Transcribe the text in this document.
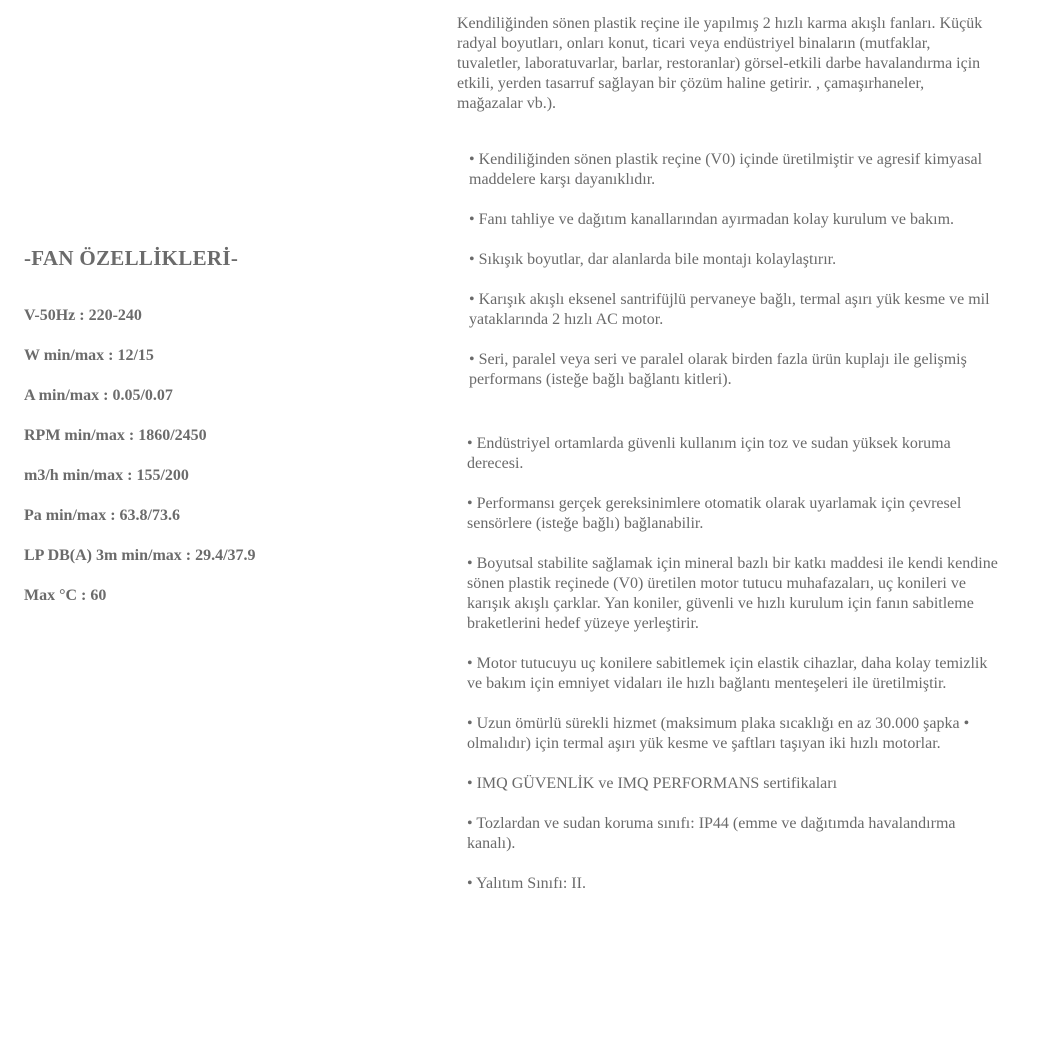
-FAN ÖZELLİKLERİ-
V-50Hz : 220-240
W min/max : 12/15
A min/max : 0.05/0.07
RPM min/max : 1860/2450
m3/h min/max : 155/200
Pa min/max : 63.8/73.6
LP DB(A) 3m min/max : 29.4/37.9
Max °C : 60

Kendiliğinden sönen plastik reçine ile yapılmış 2 hızlı karma akışlı fanları. Küçük radyal boyutları, onları konut, ticari veya endüstriyel binaların (mutfaklar, tuvaletler, laboratuvarlar, barlar, restoranlar) görsel-etkili darbe havalandırma için etkili, yerden tasarruf sağlayan bir çözüm haline getirir. , çamaşırhaneler, mağazalar vb.).

• Kendiliğinden sönen plastik reçine (V0) içinde üretilmiştir ve agresif kimyasal maddelere karşı dayanıklıdır.

• Fanı tahliye ve dağıtım kanallarından ayırmadan kolay kurulum ve bakım.

• Sıkışık boyutlar, dar alanlarda bile montajı kolaylaştırır.

• Karışık akışlı eksenel santrifüjlü pervaneye bağlı, termal aşırı yük kesme ve mil yataklarında 2 hızlı AC motor.

• Seri, paralel veya seri ve paralel olarak birden fazla ürün kuplajı ile gelişmiş performans (isteğe bağlı bağlantı kitleri).

• Endüstriyel ortamlarda güvenli kullanım için toz ve sudan yüksek koruma derecesi.

• Performansı gerçek gereksinimlere otomatik olarak uyarlamak için çevresel sensörlere (isteğe bağlı) bağlanabilir.

• Boyutsal stabilite sağlamak için mineral bazlı bir katkı maddesi ile kendi kendine sönen plastik reçinede (V0) üretilen motor tutucu muhafazaları, uç konileri ve karışık akışlı çarklar. Yan koniler, güvenli ve hızlı kurulum için fanın sabitleme braketlerini hedef yüzeye yerleştirir.

• Motor tutucuyu uç konilere sabitlemek için elastik cihazlar, daha kolay temizlik ve bakım için emniyet vidaları ile hızlı bağlantı menteşeleri ile üretilmiştir.

• Uzun ömürlü sürekli hizmet (maksimum plaka sıcaklığı en az 30.000 şapka • olmalıdır) için termal aşırı yük kesme ve şaftları taşıyan iki hızlı motorlar.

• IMQ GÜVENLİK ve IMQ PERFORMANS sertifikaları

• Tozlardan ve sudan koruma sınıfı: IP44 (emme ve dağıtımda havalandırma kanalı).

• Yalıtım Sınıfı: II.
